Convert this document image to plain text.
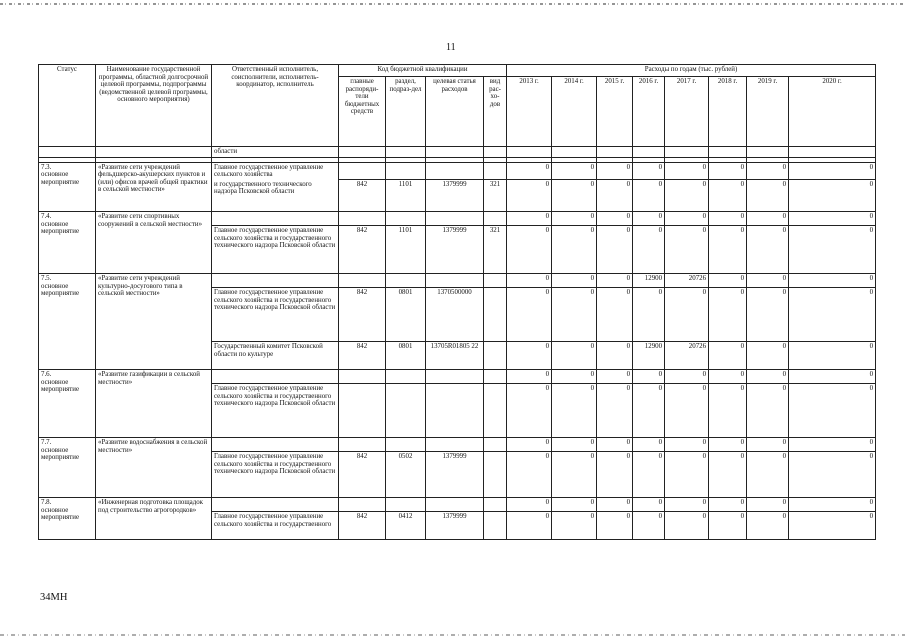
11
Статус	Наименование государственной программы, областной долгосрочной целевой программы, подпрограммы (ведомственной целевой программы, основного мероприятия)	Ответственный исполнитель, соисполнители, исполнитель-координатор, исполнитель	Код бюджетной квалификации				Расходы по годам (тыс. рублей)							
			главные распоряди-тели бюджетных средств	раздел, подраз-дел	целевая статья расходов	вид рас-хо-дов	2013 г.	2014 г.	2015 г.	2016 г.	2017 г.	2018 г.	2019 г.	2020 г.
		области												

7.3.
основное мероприятие	«Развитие сети учреждений фельдшерско-акушерских пунктов и (или) офисов врачей общей практики в сельской местности»	Главное государственное управление сельского хозяйства					0	0	0	0	0	0	0	0
		и государственного технического надзора Псковской области	842	1101	1379999	321	0	0	0	0	0	0	0	0
7.4.
основное мероприятие	«Развитие сети спортивных сооружений в сельской местности»						0	0	0	0	0	0	0	0
		Главное государственное управление сельского хозяйства и государственного технического надзора Псковской области	842	1101	1379999	321	0	0	0	0	0	0	0	0
7.5.
основное мероприятие	«Развитие сети учреждений культурно-досугового типа в сельской местности»						0	0	0	12900	20726	0	0	0
		Главное государственное управление сельского хозяйства и государственного технического надзора Псковской области	842	0801	1370500000		0	0	0	0	0	0	0	0
		Государственный комитет Псковской области по культуре	842	0801	13705R01805 22		0	0	0	12900	20726	0	0	0
7.6.
основное мероприятие	«Развитие газификации в сельской местности»						0	0	0	0	0	0	0	0
		Главное государственное управление сельского хозяйства и государственного технического надзора Псковской области					0	0	0	0	0	0	0	0
7.7.
основное мероприятие	«Развитие водоснабжения в сельской местности»						0	0	0	0	0	0	0	0
		Главное государственное управление сельского хозяйства и государственного технического надзора Псковской области	842	0502	1379999		0	0	0	0	0	0	0	0
7.8.
основное мероприятие	«Инженерная подготовка площадок под строительство агрогородков»						0	0	0	0	0	0	0	0
		Главное государственное управление сельского хозяйства и государственного	842	0412	1379999		0	0	0	0	0	0	0	0
34МН
